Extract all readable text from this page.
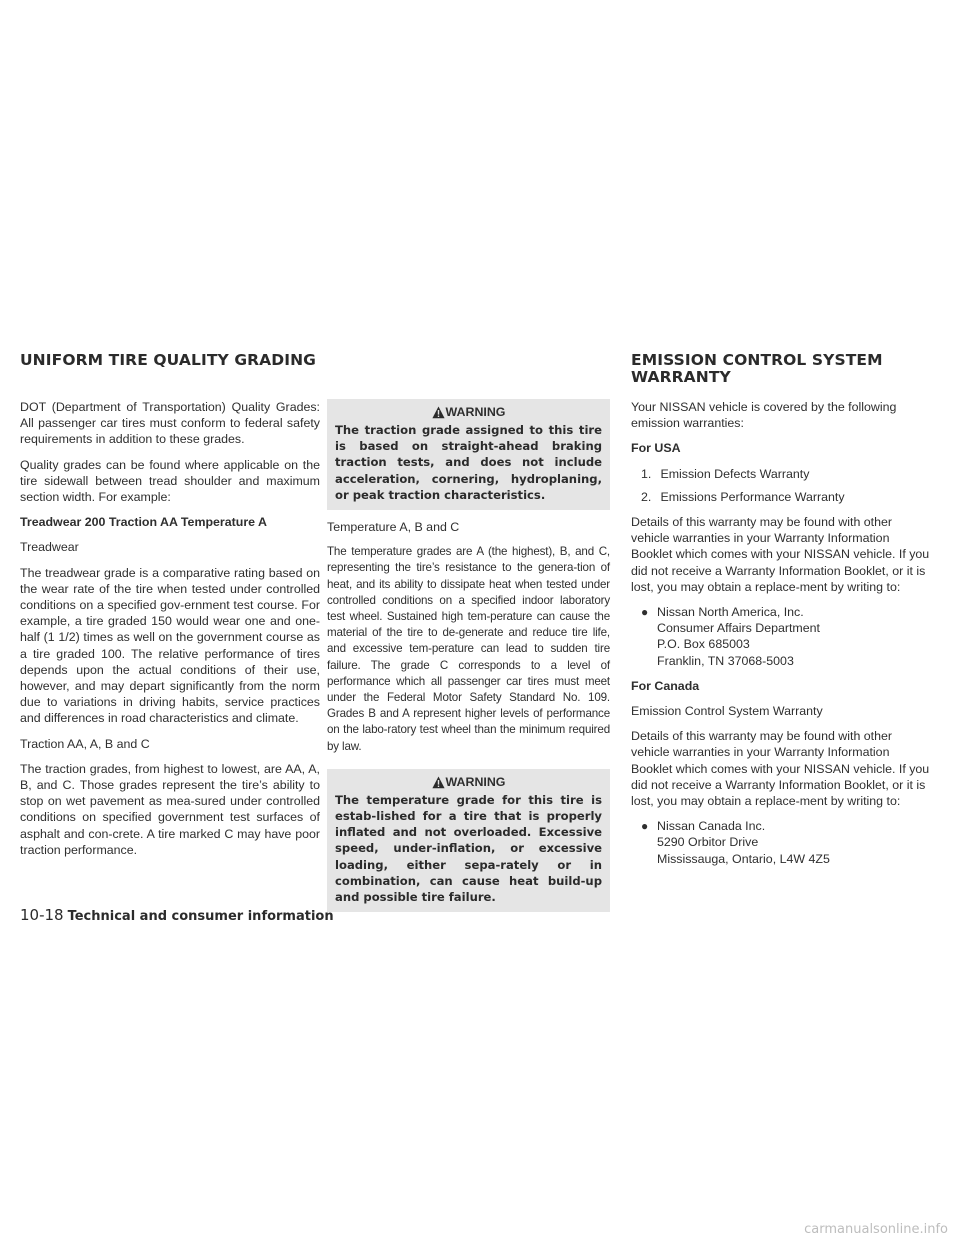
UNIFORM TIRE QUALITY GRADING	EMISSION CONTROL SYSTEM WARRANTY

DOT (Department of Transportation) Quality Grades: All passenger car tires must conform to federal safety requirements in addition to these grades.

Quality grades can be found where applicable on the tire sidewall between tread shoulder and maximum section width. For example:

Treadwear 200 Traction AA Temperature A

Treadwear

The treadwear grade is a comparative rating based on the wear rate of the tire when tested under controlled conditions on a specified gov-ernment test course. For example, a tire graded 150 would wear one and one-half (1 1/2) times as well on the government course as a tire graded 100. The relative performance of tires depends upon the actual conditions of their use, however, and may depart significantly from the norm due to variations in driving habits, service practices and differences in road characteristics and climate.

Traction AA, A, B and C

The traction grades, from highest to lowest, are AA, A, B, and C. Those grades represent the tire’s ability to stop on wet pavement as mea-sured under controlled conditions on specified government test surfaces of asphalt and con-crete. A tire marked C may have poor traction performance.

WARNING
The traction grade assigned to this tire is based on straight-ahead braking traction tests, and does not include acceleration, cornering, hydroplaning, or peak traction characteristics.

Temperature A, B and C

The temperature grades are A (the highest), B, and C, representing the tire’s resistance to the genera-tion of heat, and its ability to dissipate heat when tested under controlled conditions on a specified indoor laboratory test wheel. Sustained high tem-perature can cause the material of the tire to de-generate and reduce tire life, and excessive tem-perature can lead to sudden tire failure. The grade C corresponds to a level of performance which all passenger car tires must meet under the Federal Motor Safety Standard No. 109. Grades B and A represent higher levels of performance on the labo-ratory test wheel than the minimum required by law.

WARNING
The temperature grade for this tire is estab-lished for a tire that is properly inflated and not overloaded. Excessive speed, under-inflation, or excessive loading, either sepa-rately or in combination, can cause heat build-up and possible tire failure.

Your NISSAN vehicle is covered by the following emission warranties:

For USA

1. Emission Defects Warranty
2. Emissions Performance Warranty

Details of this warranty may be found with other vehicle warranties in your Warranty Information Booklet which comes with your NISSAN vehicle. If you did not receive a Warranty Information Booklet, or it is lost, you may obtain a replace-ment by writing to:

● Nissan North America, Inc.
Consumer Affairs Department
P.O. Box 685003
Franklin, TN 37068-5003

For Canada

Emission Control System Warranty

Details of this warranty may be found with other vehicle warranties in your Warranty Information Booklet which comes with your NISSAN vehicle. If you did not receive a Warranty Information Booklet, or it is lost, you may obtain a replace-ment by writing to:

● Nissan Canada Inc.
5290 Orbitor Drive
Mississauga, Ontario, L4W 4Z5
10-18 Technical and consumer information
carmanualsonline.info
